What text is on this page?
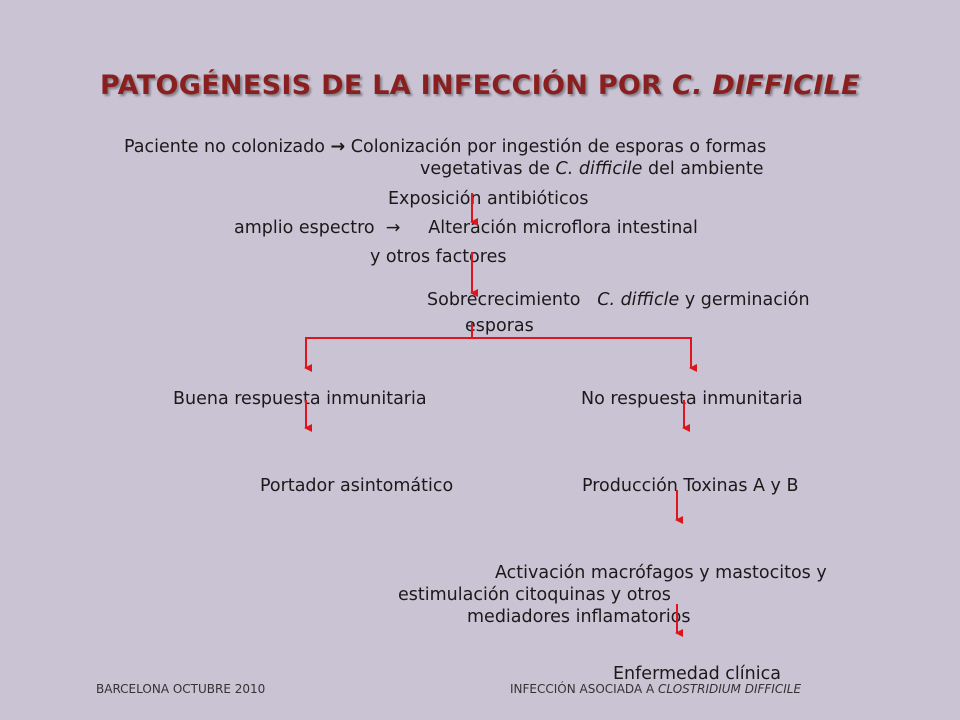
PATOGÉNESIS DE LA INFECCIÓN POR C. DIFFICILE
Paciente no colonizado → Colonización por ingestión de esporas o formas
vegetativas de C. difficile del ambiente
Exposición antibióticos
amplio espectro → Alteración microflora intestinal
y otros factores
Sobrecrecimiento   C. difficle y germinación
esporas
Buena respuesta inmunitaria	No respuesta inmunitaria
Portador asintomático	Producción Toxinas A y B
Activación macrófagos y mastocitos y
estimulación citoquinas y otros
mediadores inflamatorios
Enfermedad clínica
BARCELONA OCTUBRE 2010	INFECCIÓN ASOCIADA A CLOSTRIDIUM DIFFICILE
